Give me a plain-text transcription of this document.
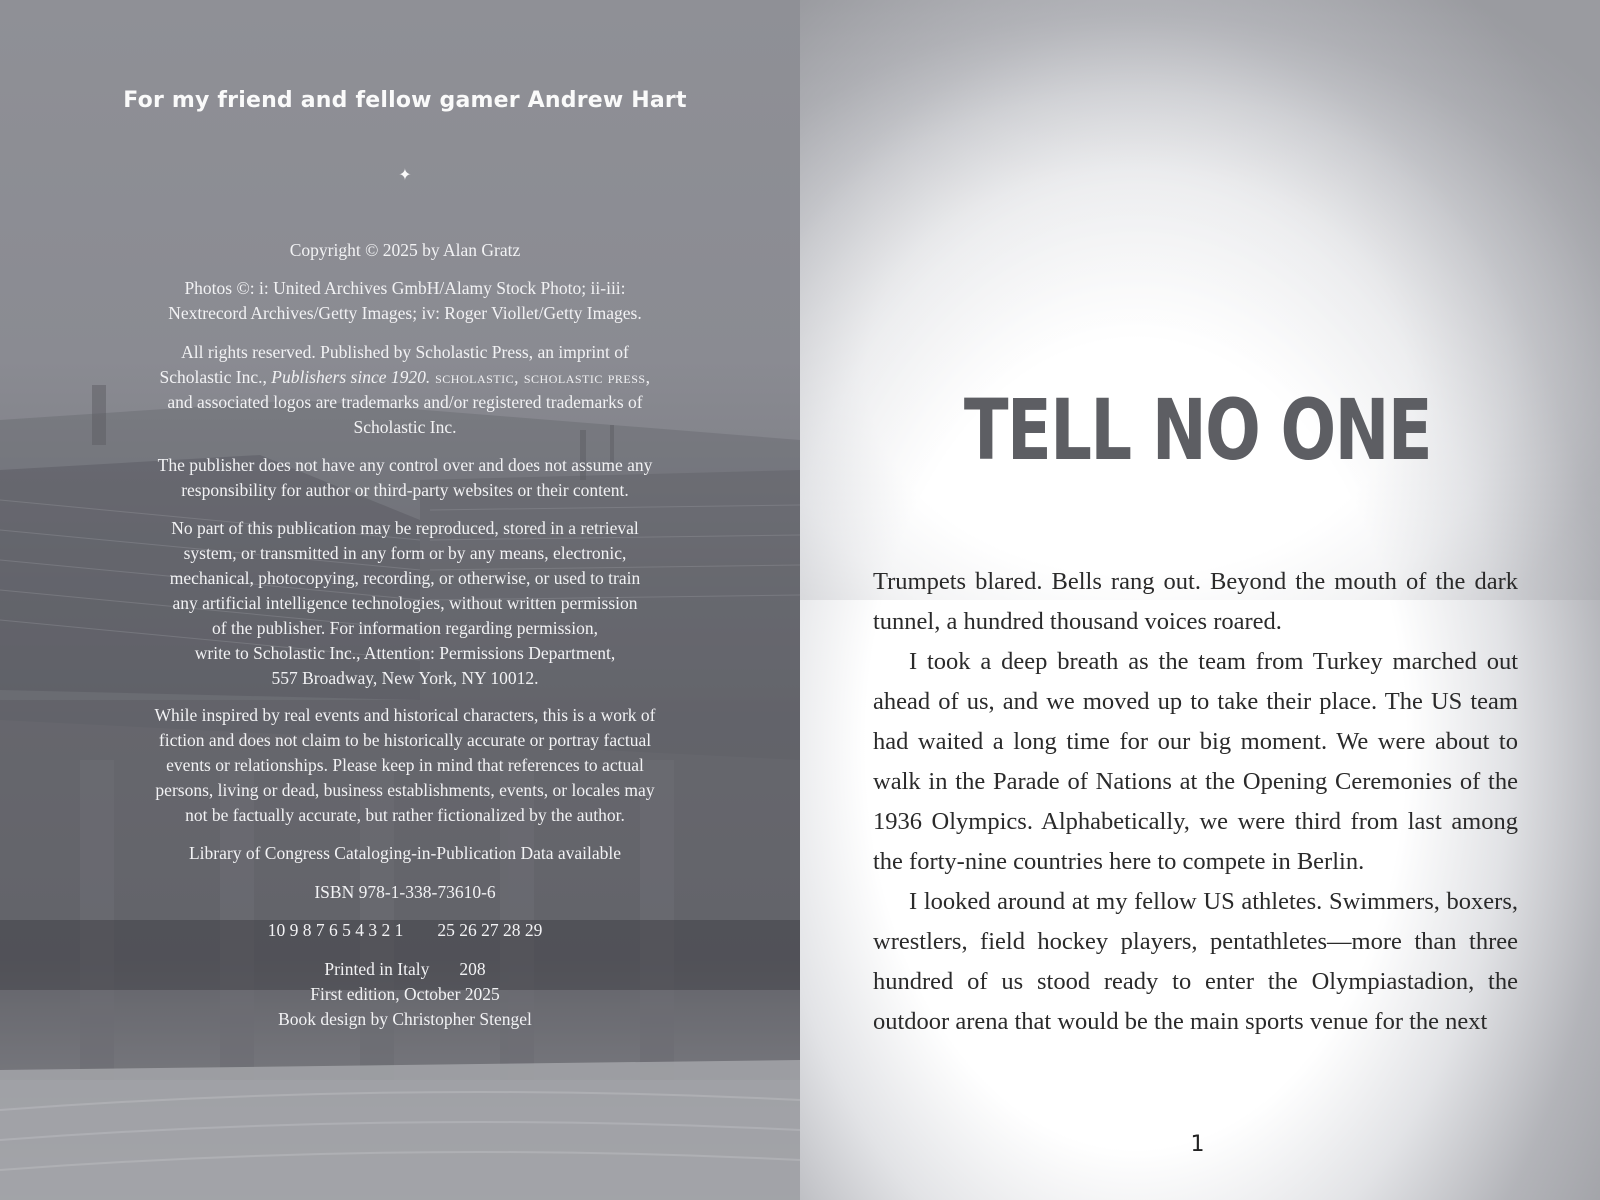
For my friend and fellow gamer Andrew Hart
✦

Copyright © 2025 by Alan Gratz

Photos ©: i: United Archives GmbH/Alamy Stock Photo; ii-iii:

Nextrecord Archives/Getty Images; iv: Roger Viollet/Getty Images.

All rights reserved. Published by Scholastic Press, an imprint of

Scholastic Inc., Publishers since 1920. scholastic, scholastic press,

and associated logos are trademarks and/or registered trademarks of

Scholastic Inc.

The publisher does not have any control over and does not assume any

responsibility for author or third-party websites or their content.

No part of this publication may be reproduced, stored in a retrieval

system, or transmitted in any form or by any means, electronic,

mechanical, photocopying, recording, or otherwise, or used to train

any artificial intelligence technologies, without written permission

of the publisher. For information regarding permission,

write to Scholastic Inc., Attention: Permissions Department,

557 Broadway, New York, NY 10012.

While inspired by real events and historical characters, this is a work of

fiction and does not claim to be historically accurate or portray factual

events or relationships. Please keep in mind that references to actual

persons, living or dead, business establishments, events, or locales may

not be factually accurate, but rather fictionalized by the author.

Library of Congress Cataloging-in-Publication Data available

ISBN 978-1-338-73610-6

10 9 8 7 6 5 4 3 2 1 25 26 27 28 29

Printed in Italy 208

First edition, October 2025

Book design by Christopher Stengel

TELL NO ONE

Trumpets blared. Bells rang out. Beyond the mouth of the dark tunnel, a hundred thousand voices roared.

I took a deep breath as the team from Turkey marched out ahead of us, and we moved up to take their place. The US team had waited a long time for our big moment. We were about to walk in the Parade of Nations at the Opening Ceremonies of the 1936 Olympics. Alphabetically, we were third from last among the forty-nine countries here to compete in Berlin.

I looked around at my fellow US athletes. Swimmers, boxers, wrestlers, field hockey players, pentathletes—more than three hundred of us stood ready to enter the Olympiastadion, the outdoor arena that would be the main sports venue for the next

1
